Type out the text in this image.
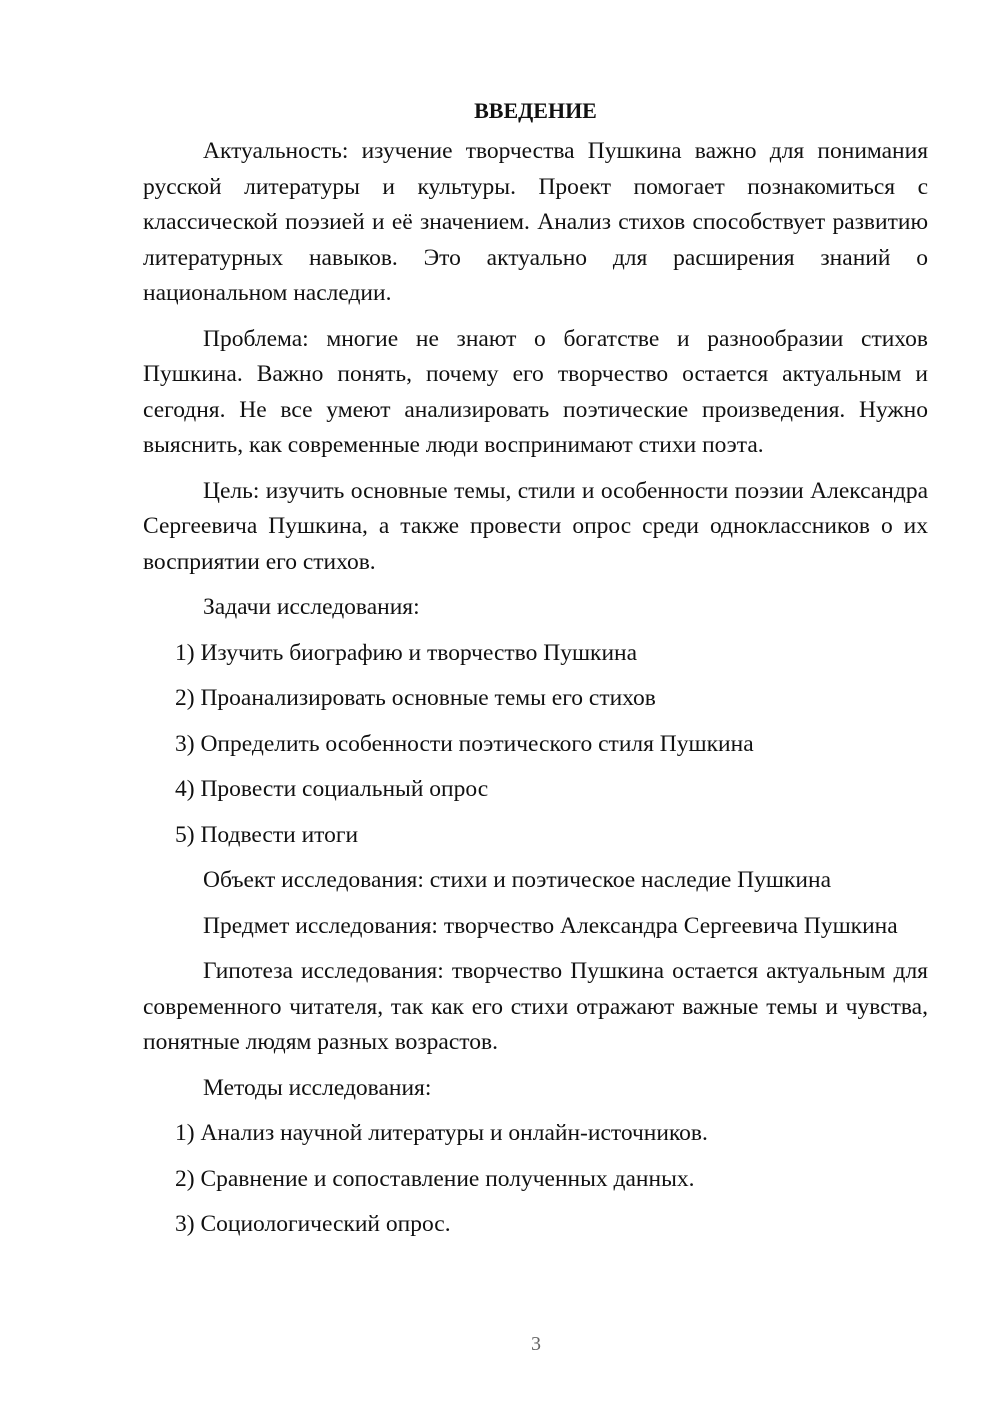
ВВЕДЕНИЕ

Актуальность: изучение творчества Пушкина важно для понимания русской литературы и культуры. Проект помогает познакомиться с классической поэзией и её значением. Анализ стихов способствует развитию литературных навыков. Это актуально для расширения знаний о национальном наследии.

Проблема: многие не знают о богатстве и разнообразии стихов Пушкина. Важно понять, почему его творчество остается актуальным и сегодня. Не все умеют анализировать поэтические произведения. Нужно выяснить, как современные люди воспринимают стихи поэта.

Цель: изучить основные темы, стили и особенности поэзии Александра Сергеевича Пушкина, а также провести опрос среди одноклассников о их восприятии его стихов.

Задачи исследования:

1) Изучить биографию и творчество Пушкина

2) Проанализировать основные темы его стихов

3) Определить особенности поэтического стиля Пушкина

4) Провести социальный опрос

5) Подвести итоги

Объект исследования: стихи и поэтическое наследие Пушкина

Предмет исследования: творчество Александра Сергеевича Пушкина

Гипотеза исследования: творчество Пушкина остается актуальным для современного читателя, так как его стихи отражают важные темы и чувства, понятные людям разных возрастов.

Методы исследования:

1) Анализ научной литературы и онлайн-источников.

2) Сравнение и сопоставление полученных данных.

3) Социологический опрос.

3
